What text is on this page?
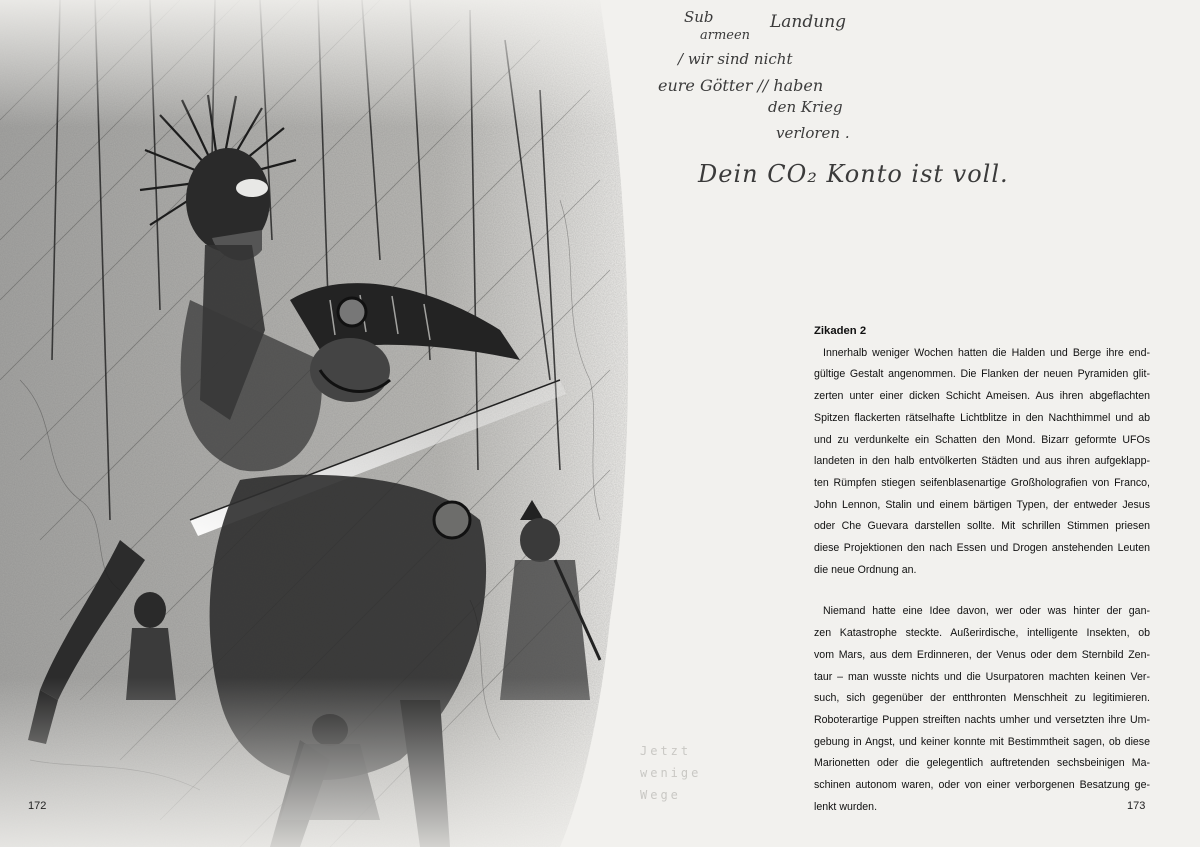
Jetzt wenige Wege
172
Sub	Landung
armeen
/ wir sind nicht
eure Götter // haben
den Krieg
verloren .
Dein CO₂ Konto ist voll.

Zikaden 2

Innerhalb weniger Wochen hatten die Halden und Berge ihre end-

gültige Gestalt angenommen. Die Flanken der neuen Pyramiden glit-

zerten unter einer dicken Schicht Ameisen. Aus ihren abgeflachten

Spitzen flackerten rätselhafte Lichtblitze in den Nachthimmel und ab

und zu verdunkelte ein Schatten den Mond. Bizarr geformte UFOs

landeten in den halb entvölkerten Städten und aus ihren aufgeklapp-

ten Rümpfen stiegen seifenblasenartige Großholografien von Franco,

John Lennon, Stalin und einem bärtigen Typen, der entweder Jesus

oder Che Guevara darstellen sollte. Mit schrillen Stimmen priesen

diese Projektionen den nach Essen und Drogen anstehenden Leuten

die neue Ordnung an.

Niemand hatte eine Idee davon, wer oder was hinter der gan-

zen Katastrophe steckte. Außerirdische, intelligente Insekten, ob

vom Mars, aus dem Erdinneren, der Venus oder dem Sternbild Zen-

taur – man wusste nichts und die Usurpatoren machten keinen Ver-

such, sich gegenüber der entthronten Menschheit zu legitimieren.

Roboterartige Puppen streiften nachts umher und versetzten ihre Um-

gebung in Angst, und keiner konnte mit Bestimmtheit sagen, ob diese

Marionetten oder die gelegentlich auftretenden sechsbeinigen Ma-

schinen autonom waren, oder von einer verborgenen Besatzung ge-

lenkt wurden.	173
